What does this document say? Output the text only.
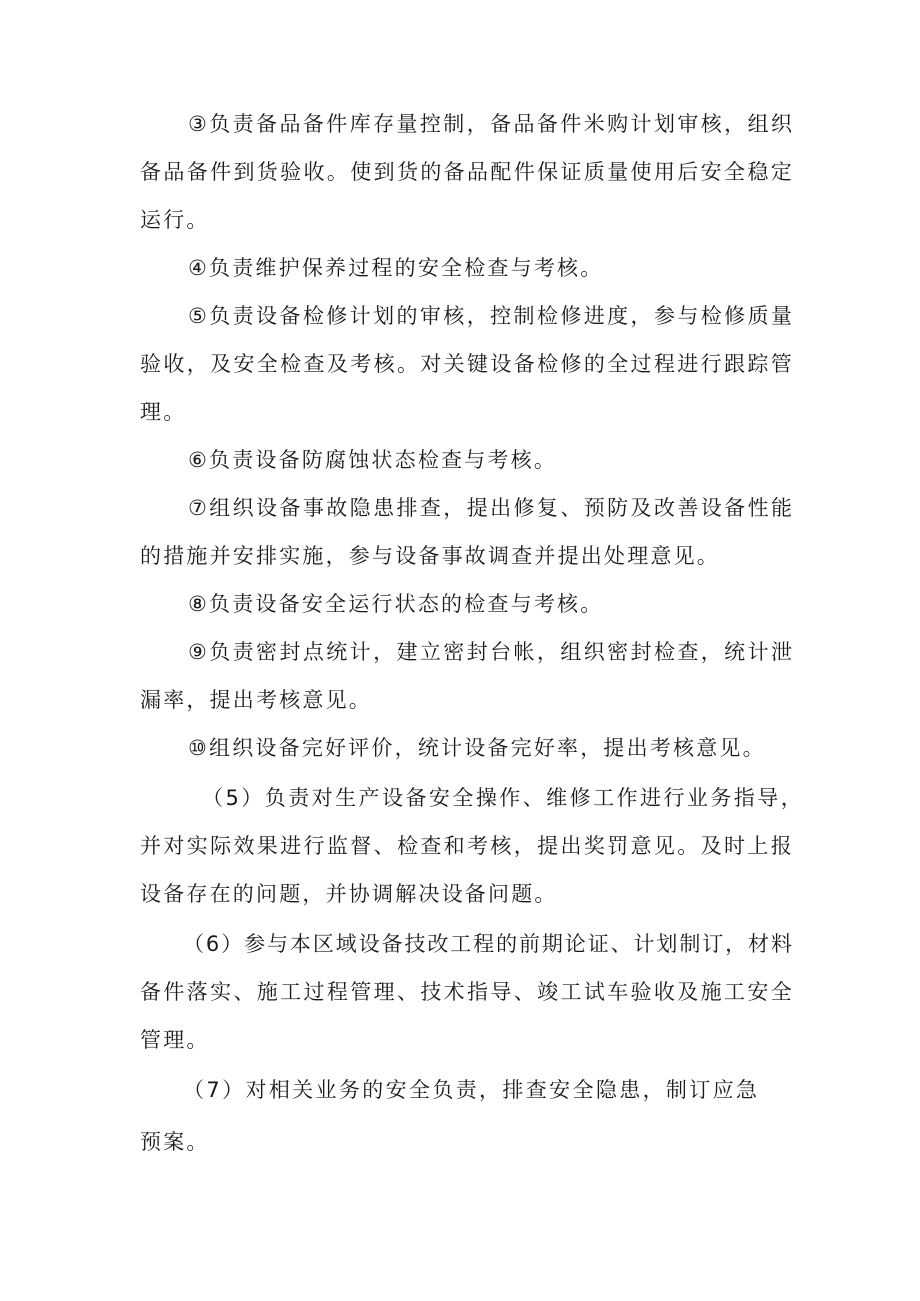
③ 负 责 备 品 备 件 库 存 量 控 制 ， 备 品 备 件 米 购 计 划 审 核 ， 组 织
备 品 备 件 到 货 验 收 。 使 到 货 的 备 品 配 件 保 证 质 量 使 用 后 安 全 稳 定
运行。
④负责维护保养过程的安全检查与考核。
⑤ 负 责 设 备 检 修 计 划 的 审 核 ， 控 制 检 修 进 度 ， 参 与 检 修 质 量
验 收 ， 及 安 全 检 查 及 考 核 。 对 关 键 设 备 检 修 的 全 过 程 进 行 跟 踪 管
理。
⑥负责设备防腐蚀状态检查与考核。
⑦ 组 织 设 备 事 故 隐 患 排 查 ， 提 出 修 复 、 预 防 及 改 善 设 备 性 能
的措施并安排实施，参与设备事故调查并提出处理意见。
⑧负责设备安全运行状态的检查与考核。
⑨ 负 责 密 封 点 统 计 ， 建 立 密 封 台 帐 ， 组 织 密 封 检 查 ， 统 计 泄
漏率，提出考核意见。
⑩组织设备完好评价，统计设备完好率，提出考核意见。
（ 5 ） 负 责 对 生 产 设 备 安 全 操 作 、 维 修 工 作 进 行 业 务 指 导 ，
并 对 实 际 效 果 进 行 监 督 、 检 查 和 考 核 ， 提 出 奖 罚 意 见 。 及 时 上 报
设备存在的问题，并协调解决设备问题。
（ 6 ） 参 与 本 区 域 设 备 技 改 工 程 的 前 期 论 证 、 计 划 制 订 ， 材 料
备 件 落 实 、 施 工 过 程 管 理 、 技 术 指 导 、 竣 工 试 车 验 收 及 施 工 安 全
管理。
（ 7 ） 对 相 关 业 务 的 安 全 负 责 ， 排 查 安 全 隐 患 ， 制 订 应 急
预案。
